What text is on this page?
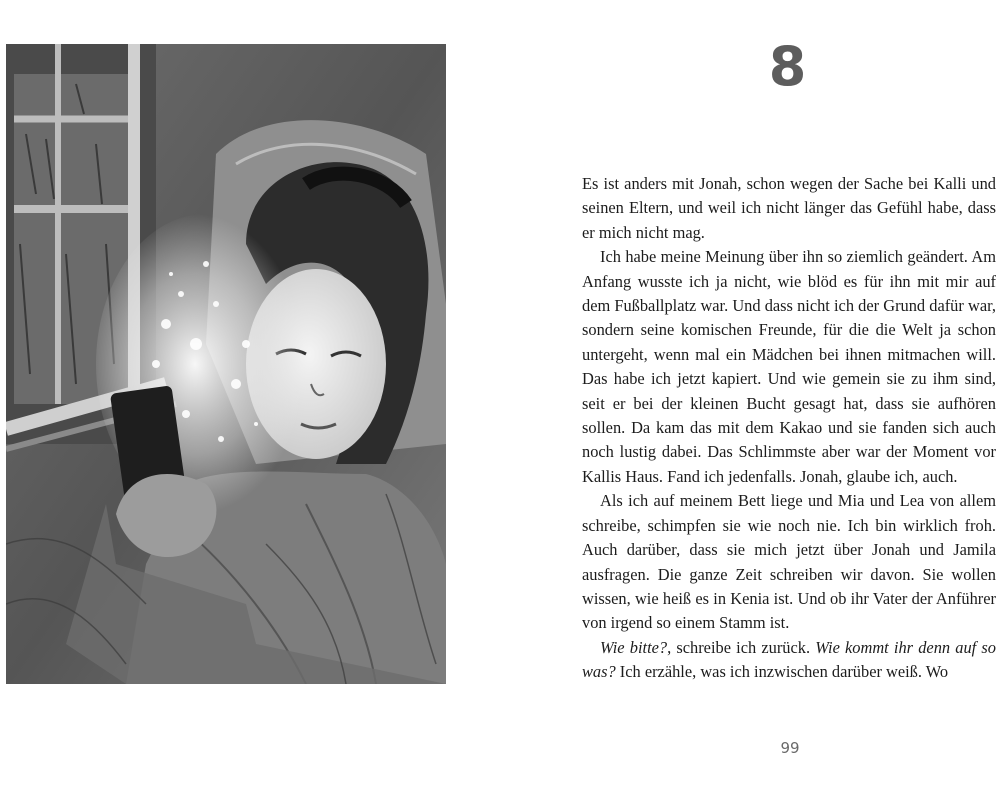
8

Es ist anders mit Jonah, schon wegen der Sache bei Kalli und seinen Eltern, und weil ich nicht länger das Gefühl habe, dass er mich nicht mag.

Ich habe meine Meinung über ihn so ziemlich geändert. Am Anfang wusste ich ja nicht, wie blöd es für ihn mit mir auf dem Fußballplatz war. Und dass nicht ich der Grund dafür war, sondern seine komischen Freunde, für die die Welt ja schon untergeht, wenn mal ein Mädchen bei ihnen mitmachen will. Das habe ich jetzt kapiert. Und wie gemein sie zu ihm sind, seit er bei der kleinen Bucht gesagt hat, dass sie aufhören sollen. Da kam das mit dem Kakao und sie fanden sich auch noch lustig dabei. Das Schlimmste aber war der Moment vor Kallis Haus. Fand ich jedenfalls. Jonah, glaube ich, auch.

Als ich auf meinem Bett liege und Mia und Lea von allem schreibe, schimpfen sie wie noch nie. Ich bin wirklich froh. Auch darüber, dass sie mich jetzt über Jonah und Jamila ausfragen. Die ganze Zeit schreiben wir davon. Sie wollen wissen, wie heiß es in Kenia ist. Und ob ihr Vater der Anführer von irgend so einem Stamm ist.

Wie bitte?, schreibe ich zurück. Wie kommt ihr denn auf so was? Ich erzähle, was ich inzwischen darüber weiß. Wo

99
